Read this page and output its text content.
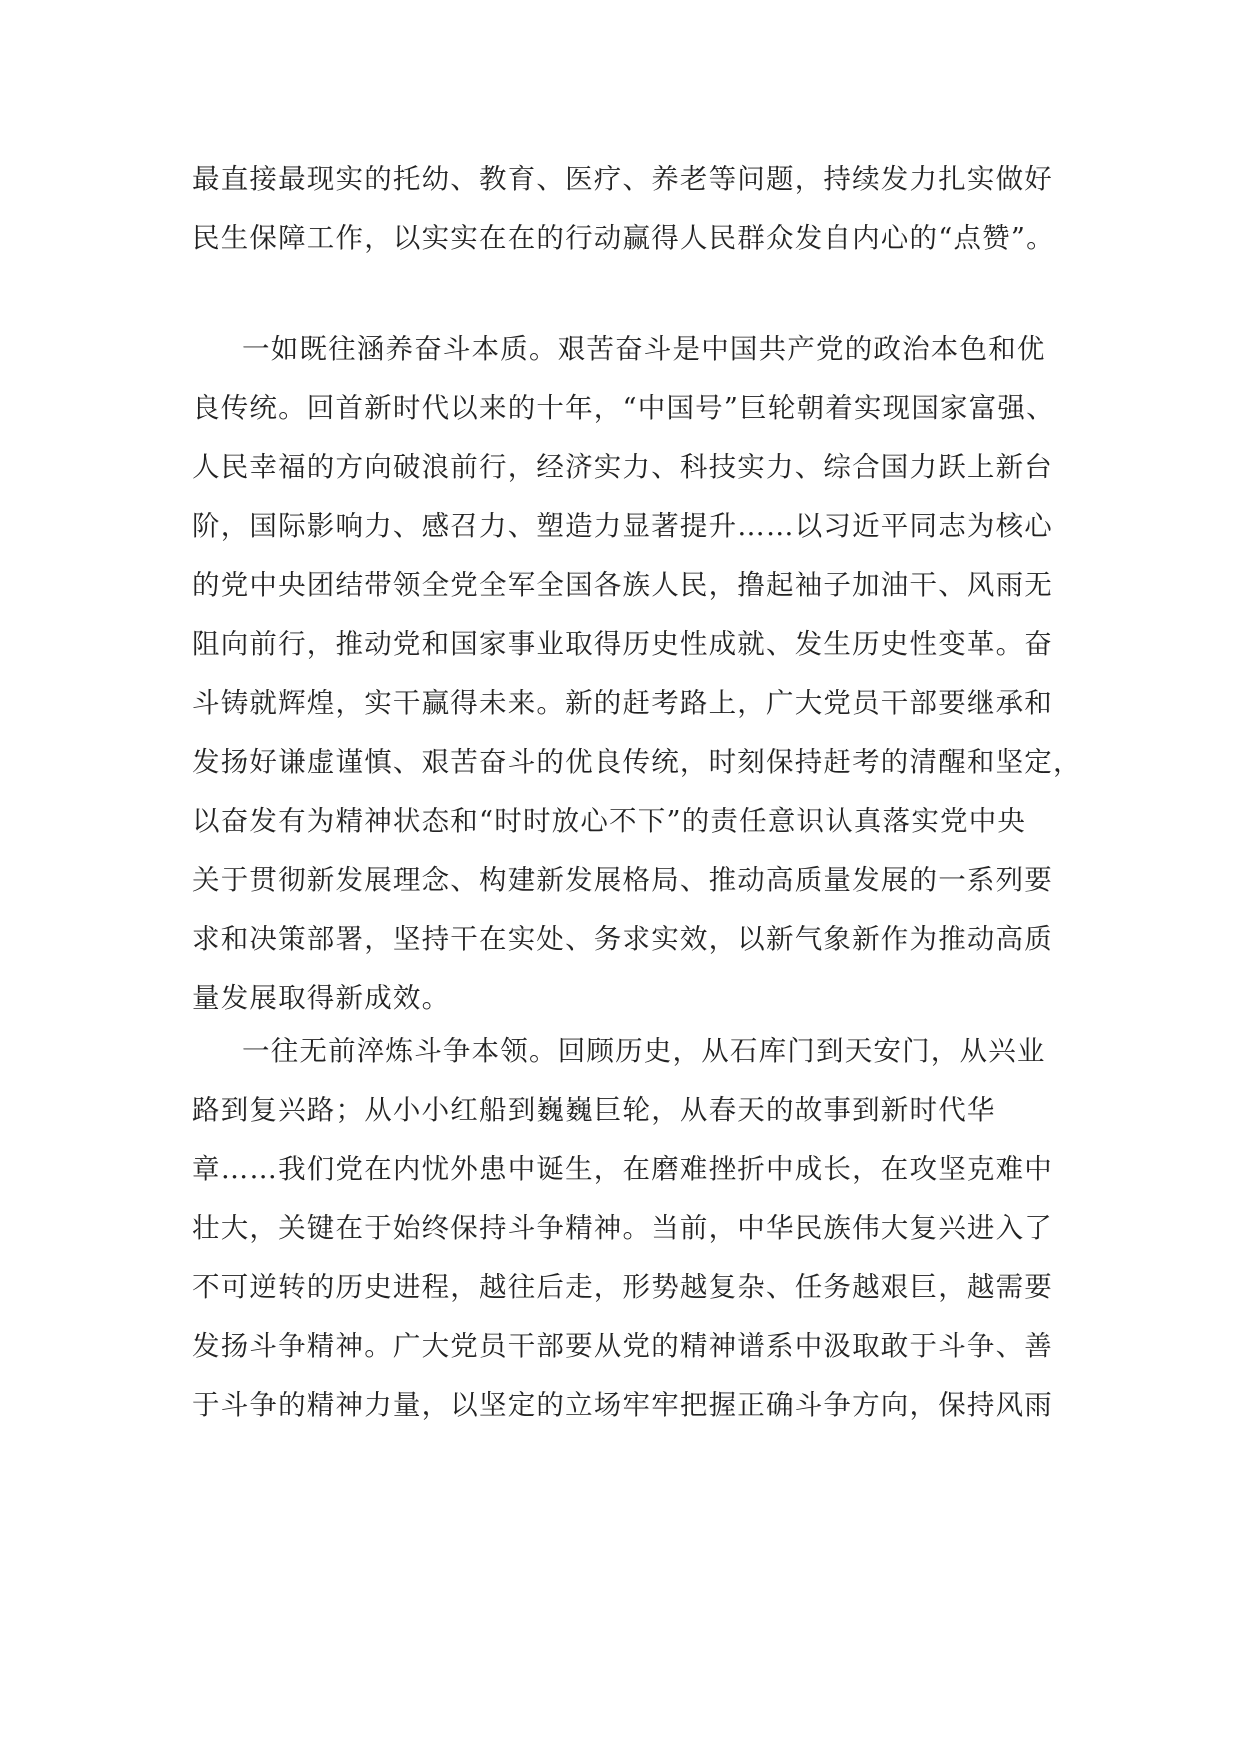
最直接最现实的托幼、教育、医疗、养老等问题，持续发力扎实做好
民生保障工作，以实实在在的行动赢得人民群众发自内心的“点赞”。
一如既往涵养奋斗本质。艰苦奋斗是中国共产党的政治本色和优
良传统。回首新时代以来的十年，“中国号”巨轮朝着实现国家富强、
人民幸福的方向破浪前行，经济实力、科技实力、综合国力跃上新台
阶，国际影响力、感召力、塑造力显著提升……以习近平同志为核心
的党中央团结带领全党全军全国各族人民，撸起袖子加油干、风雨无
阻向前行，推动党和国家事业取得历史性成就、发生历史性变革。奋
斗铸就辉煌，实干赢得未来。新的赶考路上，广大党员干部要继承和
发扬好谦虚谨慎、艰苦奋斗的优良传统，时刻保持赶考的清醒和坚定，
以奋发有为精神状态和“时时放心不下”的责任意识认真落实党中央
关于贯彻新发展理念、构建新发展格局、推动高质量发展的一系列要
求和决策部署，坚持干在实处、务求实效，以新气象新作为推动高质
量发展取得新成效。
一往无前淬炼斗争本领。回顾历史，从石库门到天安门，从兴业
路到复兴路；从小小红船到巍巍巨轮，从春天的故事到新时代华
章……我们党在内忧外患中诞生，在磨难挫折中成长，在攻坚克难中
壮大，关键在于始终保持斗争精神。当前，中华民族伟大复兴进入了
不可逆转的历史进程，越往后走，形势越复杂、任务越艰巨，越需要
发扬斗争精神。广大党员干部要从党的精神谱系中汲取敢于斗争、善
于斗争的精神力量，以坚定的立场牢牢把握正确斗争方向，保持风雨
